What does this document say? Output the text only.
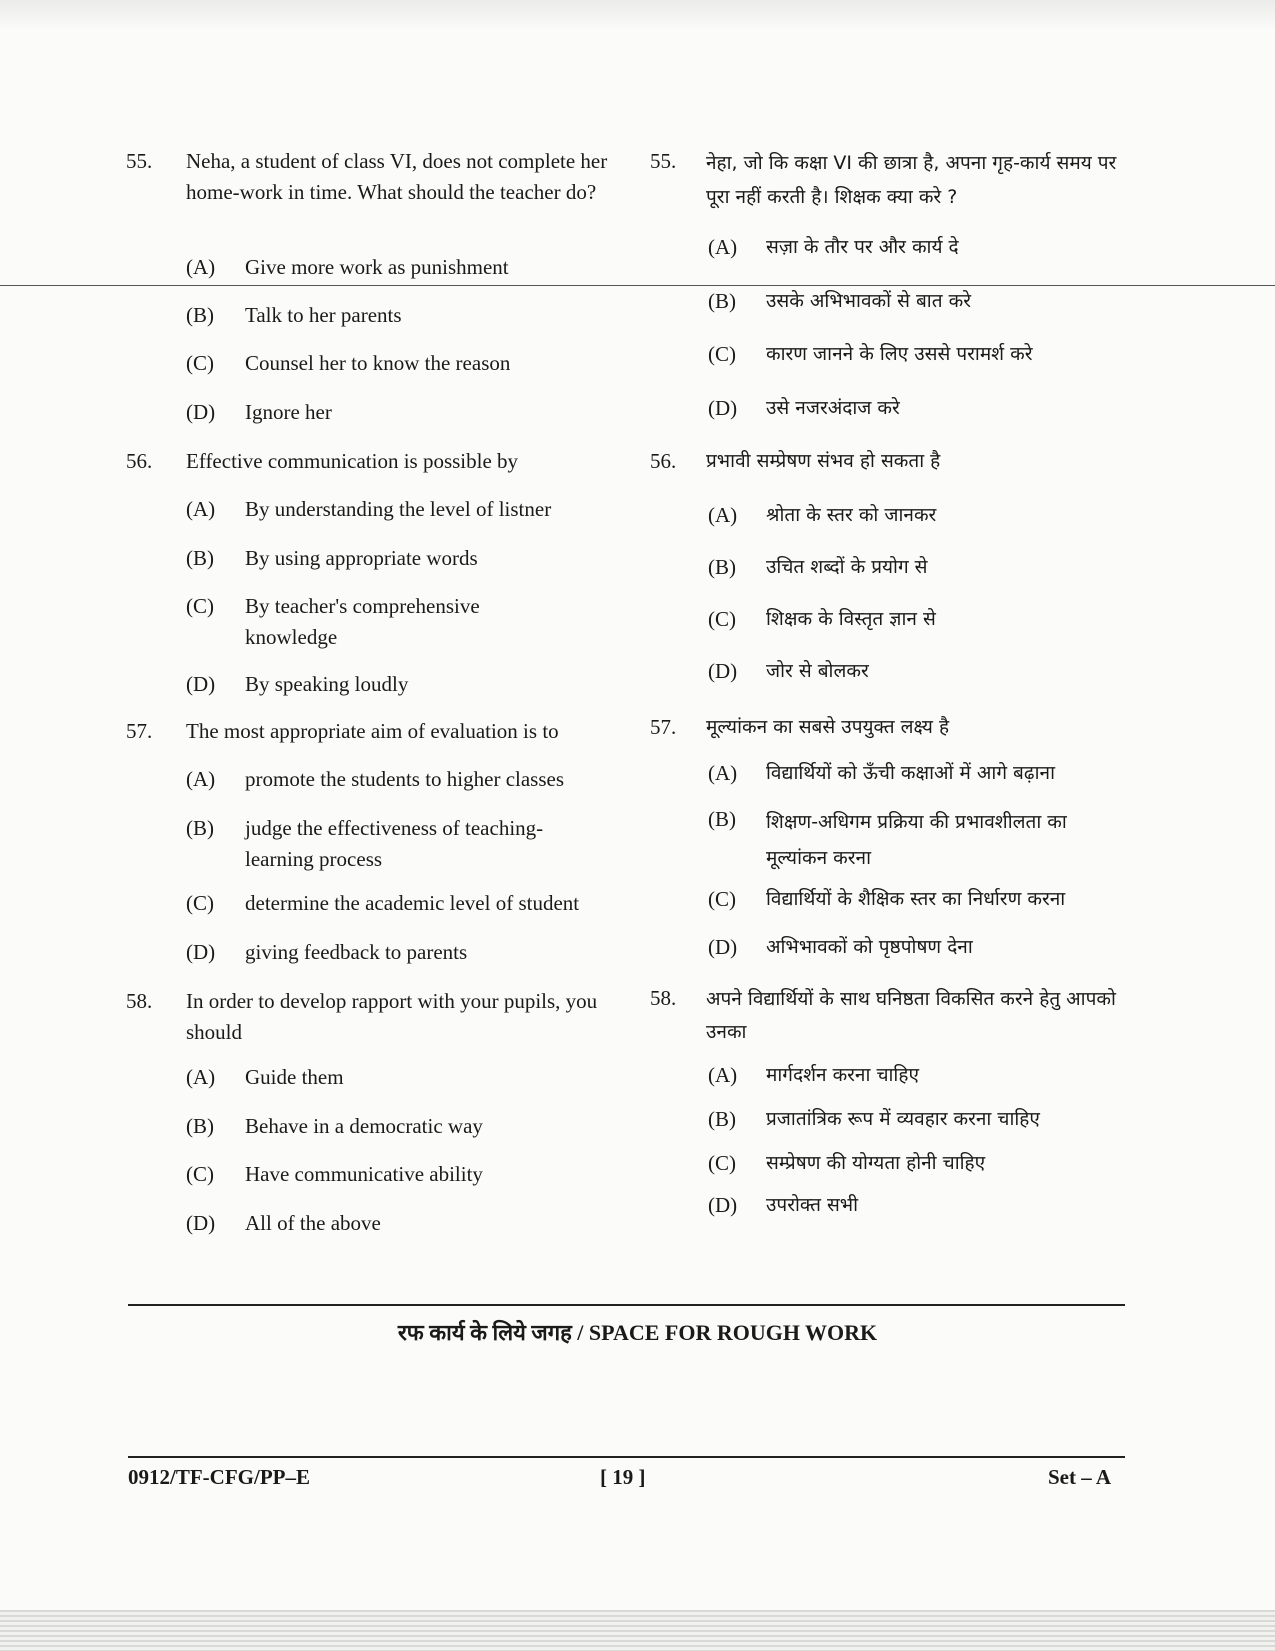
55. Neha, a student of class VI, does not complete her home-work in time. What should the teacher do?
(A) Give more work as punishment
(B) Talk to her parents
(C) Counsel her to know the reason
(D) Ignore her
56. Effective communication is possible by
(A) By understanding the level of listner
(B) By using appropriate words
(C) By teacher's comprehensive knowledge
(D) By speaking loudly
57. The most appropriate aim of evaluation is to
(A) promote the students to higher classes
(B) judge the effectiveness of teaching-learning process
(C) determine the academic level of student
(D) giving feedback to parents
58. In order to develop rapport with your pupils, you should
(A) Guide them
(B) Behave in a democratic way
(C) Have communicative ability
(D) All of the above
55. नेहा, जो कि कक्षा VI की छात्रा है, अपना गृह-कार्य समय पर पूरा नहीं करती है। शिक्षक क्या करे ?
(A) सज़ा के तौर पर और कार्य दे
(B) उसके अभिभावकों से बात करे
(C) कारण जानने के लिए उससे परामर्श करे
(D) उसे नजरअंदाज करे
56. प्रभावी सम्प्रेषण संभव हो सकता है
(A) श्रोता के स्तर को जानकर
(B) उचित शब्दों के प्रयोग से
(C) शिक्षक के विस्तृत ज्ञान से
(D) जोर से बोलकर
57. मूल्यांकन का सबसे उपयुक्त लक्ष्य है
(A) विद्यार्थियों को ऊँची कक्षाओं में आगे बढ़ाना
(B) शिक्षण-अधिगम प्रक्रिया की प्रभावशीलता का मूल्यांकन करना
(C) विद्यार्थियों के शैक्षिक स्तर का निर्धारण करना
(D) अभिभावकों को पृष्ठपोषण देना
58. अपने विद्यार्थियों के साथ घनिष्ठता विकसित करने हेतु आपको उनका
(A) मार्गदर्शन करना चाहिए
(B) प्रजातांत्रिक रूप में व्यवहार करना चाहिए
(C) सम्प्रेषण की योग्यता होनी चाहिए
(D) उपरोक्त सभी
रफ कार्य के लिये जगह / SPACE FOR ROUGH WORK
0912/TF-CFG/PP–E	[ 19 ]	Set – A
